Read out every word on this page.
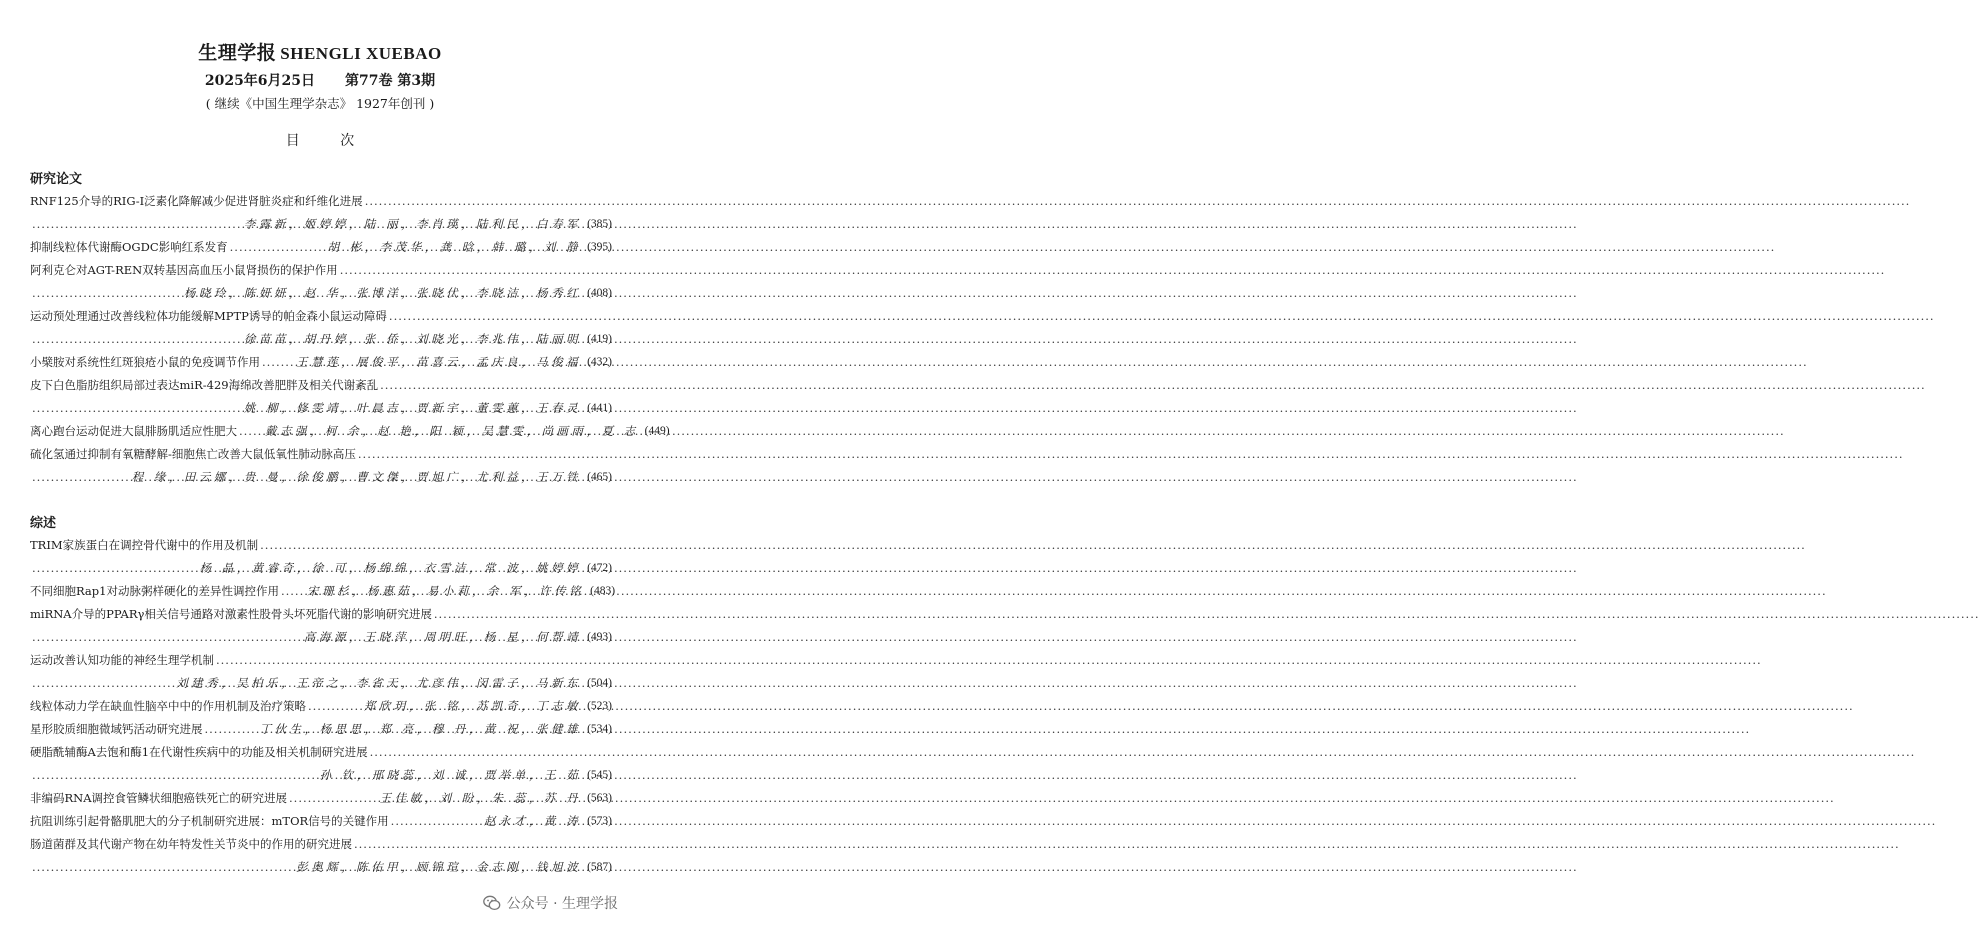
生理学报 SHENGLI XUEBAO
2025年6月25日 第77卷 第3期
( 继续《中国生理学杂志》 1927年创刊 )
目 次
研究论文
RNF125介导的RIG-I泛素化降解减少促进肾脏炎症和纤维化进展
.....
.....
李露新，姬婷婷，陆 丽，李肖瑛，陆利民，白寿军 (385)
抑制线粒体代谢酶OGDC影响红系发育 .....	胡 彬，李茂华，龚 晗，韩 璐，刘 静 (395)
阿利克仑对AGT-REN双转基因高血压小鼠肾损伤的保护作用
.....
.....
杨晓玲，陈妍妍，赵 华，张博洋，张晓伏，李晓洁，杨秀红 (408)
运动预处理通过改善线粒体功能缓解MPTP诱导的帕金森小鼠运动障碍
.....
.....
徐苗苗，胡丹婷，张 侨，刘晓光，李兆伟，陆丽明 (419)
小檗胺对系统性红斑狼疮小鼠的免疫调节作用 .....	王慧莲，展俊平，苗喜云，孟庆良，马俊福 (432)
皮下白色脂肪组织局部过表达miR-429海绵改善肥胖及相关代谢紊乱
.....
.....
姚 柳，修雯靖，叶晨吉，贾新宇，董雯蕙，王春灵 (441)
离心跑台运动促进大鼠腓肠肌适应性肥大 ..... 戴志强，柯 余，赵 艳，阳 颖，吴慧雯，尚画雨，夏 志 (449)
硫化氢通过抑制有氧糖酵解-细胞焦亡改善大鼠低氧性肺动脉高压
.....
.....
程 缘，田云娜，贵 曼，徐俊鹏，曹文傑，贾旭广，尤利益，王万铁 (465)
综述
TRIM家族蛋白在调控骨代谢中的作用及机制
.....
.....
杨 晶，黄睿奇，徐 可，杨绵绵，衣雪洁，常 波，姚婷婷 (472)
不同细胞Rap1对动脉粥样硬化的差异性调控作用 ..... 宋珊杉，杨惠茹，易小莉，余 军，许传铭 (483)
miRNA介导的PPARγ相关信号通路对激素性股骨头坏死脂代谢的影响研究进展
.....
.....
高海源，王晓萍，周明旺，杨 星，何帮靖 (493)
运动改善认知功能的神经生理学机制
.....
.....
刘建秀，吴柏乐，王帝之，李省天，尤彦伟，闵雷子，马新东 (504)
线粒体动力学在缺血性脑卒中中的作用机制及治疗策略 .....	郑欣玥，张 铭，苏凯奇，丁志敏 (523)
星形胶质细胞微域钙活动研究进展 .....	丁伙生，杨思思，郑 亮，穆 丹，黄 祝，张健雄 (534)
硬脂酰辅酶A去饱和酶1在代谢性疾病中的功能及相关机制研究进展
.....
.....
孙 钦，邢晓蕊，刘 诚，贾举单，王 茹 (545)
非编码RNA调控食管鳞状细胞癌铁死亡的研究进展 .....	王佳敏，刘 盼，朱 蕊，苏 丹 (563)
抗阻训练引起骨骼肌肥大的分子机制研究进展：mTOR信号的关键作用 .....	赵永才，黄 涛 (573)
肠道菌群及其代谢产物在幼年特发性关节炎中的作用的研究进展
.....
.....
彭奥辉，陈佑甲，顾锦瑄，金志刚，钱旭波 (587)
公众号 · 生理学报
